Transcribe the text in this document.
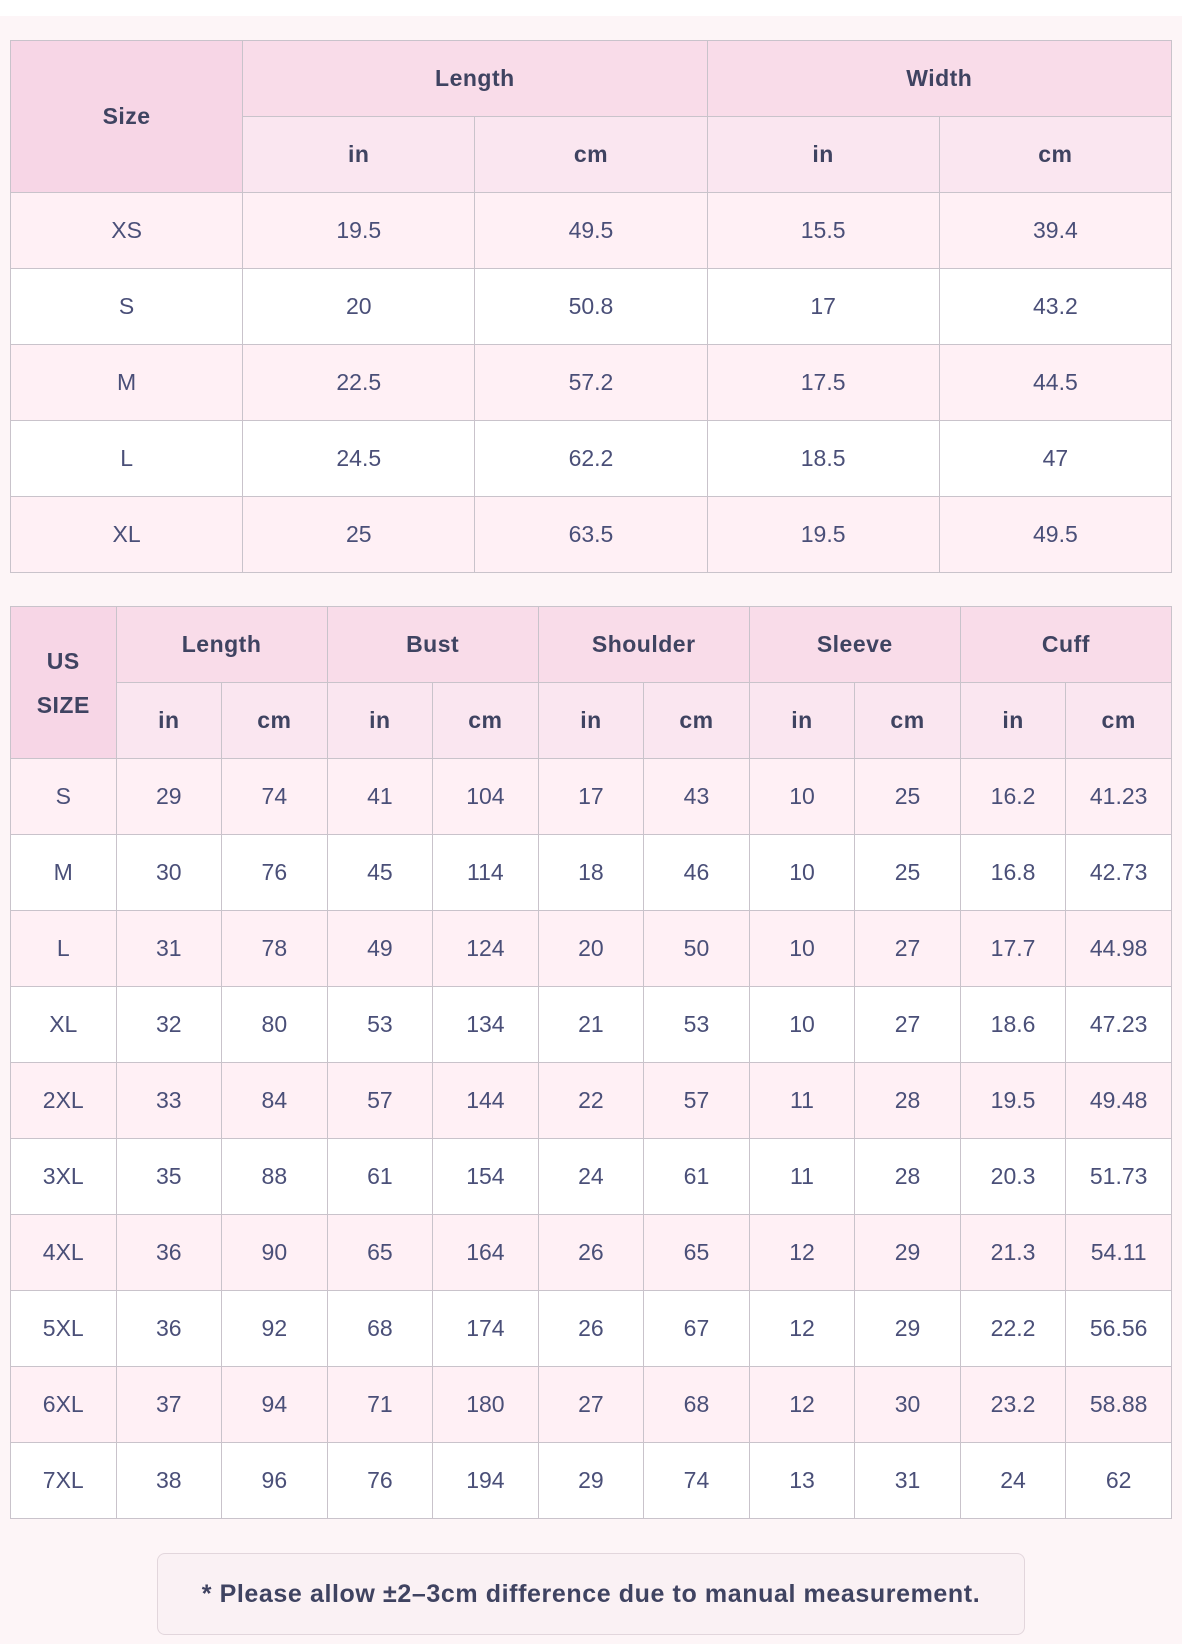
Size	Length		Width	
	in	cm	in	cm
XS	19.5	49.5	15.5	39.4
S	20	50.8	17	43.2
M	22.5	57.2	17.5	44.5
L	24.5	62.2	18.5	47
XL	25	63.5	19.5	49.5
US
SIZE	Length		Bust		Shoulder		Sleeve		Cuff	
	in	cm	in	cm	in	cm	in	cm	in	cm
S	29	74	41	104	17	43	10	25	16.2	41.23
M	30	76	45	114	18	46	10	25	16.8	42.73
L	31	78	49	124	20	50	10	27	17.7	44.98
XL	32	80	53	134	21	53	10	27	18.6	47.23
2XL	33	84	57	144	22	57	11	28	19.5	49.48
3XL	35	88	61	154	24	61	11	28	20.3	51.73
4XL	36	90	65	164	26	65	12	29	21.3	54.11
5XL	36	92	68	174	26	67	12	29	22.2	56.56
6XL	37	94	71	180	27	68	12	30	23.2	58.88
7XL	38	96	76	194	29	74	13	31	24	62
* Please allow ±2–3cm difference due to manual measurement.
